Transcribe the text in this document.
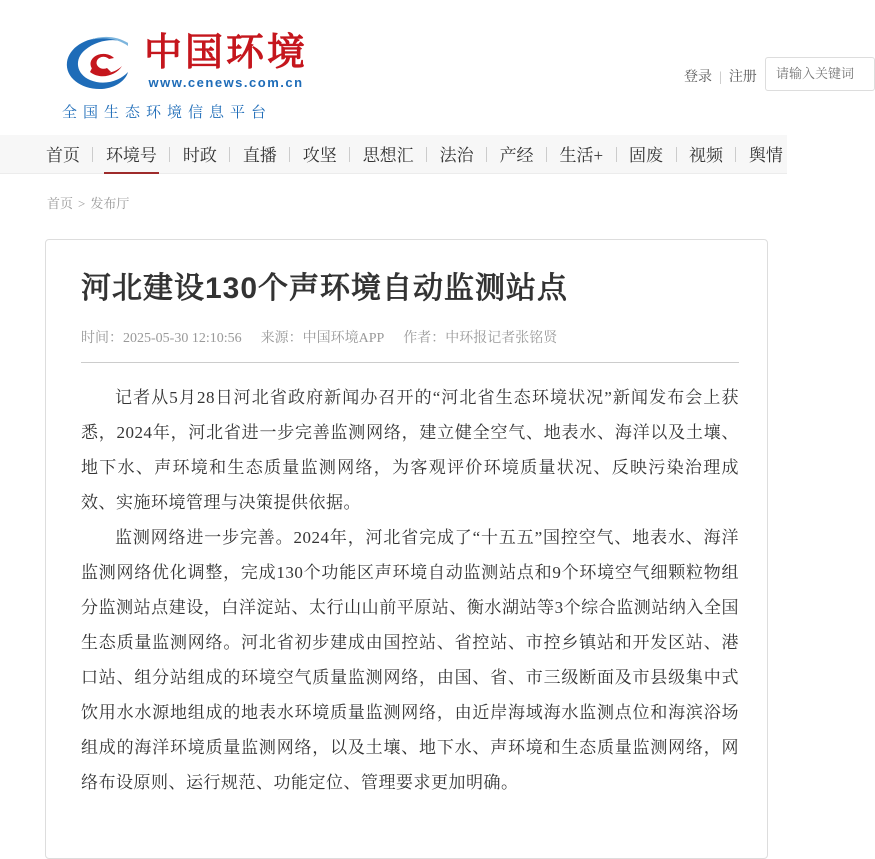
中国环境
www.cenews.com.cn
全国生态环境信息平台
登录 | 注册
请输入关键词
首页 环境号 时政 直播 攻坚 思想汇 法治 产经 生活+ 固废 视频 舆情
首页 > 发布厅
河北建设130个声环境自动监测站点
时间：2025-05-30 12:10:56 来源：中国环境APP 作者：中环报记者张铭贤

记者从5月28日河北省政府新闻办召开的“河北省生态环境状况”新闻发布会上获悉，2024年，河北省进一步完善监测网络，建立健全空气、地表水、海洋以及土壤、地下水、声环境和生态质量监测网络，为客观评价环境质量状况、反映污染治理成效、实施环境管理与决策提供依据。

监测网络进一步完善。2024年，河北省完成了“十五五”国控空气、地表水、海洋监测网络优化调整，完成130个功能区声环境自动监测站点和9个环境空气细颗粒物组分监测站点建设，白洋淀站、太行山山前平原站、衡水湖站等3个综合监测站纳入全国生态质量监测网络。河北省初步建成由国控站、省控站、市控乡镇站和开发区站、港口站、组分站组成的环境空气质量监测网络，由国、省、市三级断面及市县级集中式饮用水水源地组成的地表水环境质量监测网络，由近岸海域海水监测点位和海滨浴场组成的海洋环境质量监测网络，以及土壤、地下水、声环境和生态质量监测网络，网络布设原则、运行规范、功能定位、管理要求更加明确。
